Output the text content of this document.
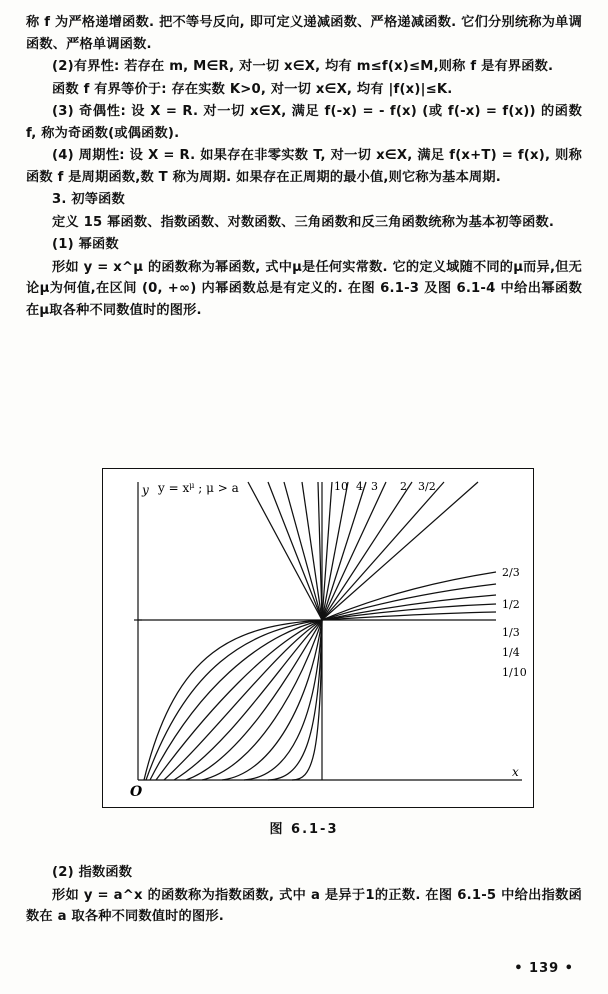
称 f 为严格递增函数. 把不等号反向, 即可定义递减函数、严格递减函数. 它们分别统称为单调函数、严格单调函数.

(2)有界性: 若存在 m, M∈R, 对一切 x∈X, 均有 m≤f(x)≤M,则称 f 是有界函数.

函数 f 有界等价于: 存在实数 K>0, 对一切 x∈X, 均有 |f(x)|≤K.

(3) 奇偶性: 设 X = R. 对一切 x∈X, 满足 f(-x) = - f(x) (或 f(-x) = f(x)) 的函数 f, 称为奇函数(或偶函数).

(4) 周期性: 设 X = R. 如果存在非零实数 T, 对一切 x∈X, 满足 f(x+T) = f(x), 则称函数 f 是周期函数,数 T 称为周期. 如果存在正周期的最小值,则它称为基本周期.

3. 初等函数

定义 15 幂函数、指数函数、对数函数、三角函数和反三角函数统称为基本初等函数.

(1) 幂函数

形如 y = x^μ 的函数称为幂函数, 式中μ是任何实常数. 它的定义域随不同的μ而异,但无论μ为何值,在区间 (0, +∞) 内幂函数总是有定义的. 在图 6.1-3 及图 6.1-4 中给出幂函数在μ取各种不同数值时的图形.

y
x
O
$y = x^\mu$ ; μ > a	10 4 3 2 3/2
2/3
1/2
1/3
1/4
1/10
图 6.1-3

(2) 指数函数

形如 y = a^x 的函数称为指数函数, 式中 a 是异于1的正数. 在图 6.1-5 中给出指数函数在 a 取各种不同数值时的图形.

• 139 •
